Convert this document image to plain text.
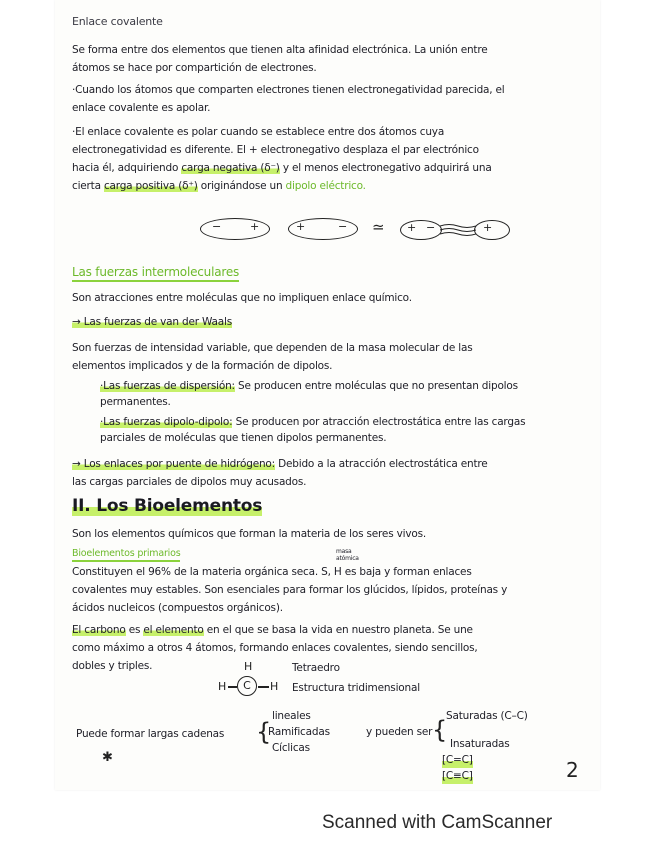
Enlace covalente
Se forma entre dos elementos que tienen alta afinidad electrónica. La unión entre
átomos se hace por compartición de electrones.
·Cuando los átomos que comparten electrones tienen electronegatividad parecida, el
enlace covalente es apolar.
·El enlace covalente es polar cuando se establece entre dos átomos cuya
electronegatividad es diferente. El + electronegativo desplaza el par electrónico
hacia él, adquiriendo carga negativa (δ⁻) y el menos electronegativo adquirirá una
cierta carga positiva (δ⁺) originándose un dipolo eléctrico.
−	+	+	− ≃ + −	+
Las fuerzas intermoleculares
Son atracciones entre moléculas que no impliquen enlace químico.
→ Las fuerzas de van der Waals
Son fuerzas de intensidad variable, que dependen de la masa molecular de las
elementos implicados y de la formación de dipolos.
·Las fuerzas de dispersión: Se producen entre moléculas que no presentan dipolos
permanentes.
·Las fuerzas dipolo-dipolo: Se producen por atracción electrostática entre las cargas
parciales de moléculas que tienen dipolos permanentes.
→ Los enlaces por puente de hidrógeno: Debido a la atracción electrostática entre
las cargas parciales de dipolos muy acusados.
II. Los Bioelementos
Son los elementos químicos que forman la materia de los seres vivos.
Bioelementos primarios	masa atómica
Constituyen el 96% de la materia orgánica seca. S, H es baja y forman enlaces
covalentes muy estables. Son esenciales para formar los glúcidos, lípidos, proteínas y
ácidos nucleicos (compuestos orgánicos).
El carbono es el elemento en el que se basa la vida en nuestro planeta. Se une
como máximo a otros 4 átomos, formando enlaces covalentes, siendo sencillos,
dobles y triples.	H
H	H
C
Tetraedro
Estructura tridimensional
Puede formar largas cadenas {
lineales
Ramificadas
Cíclicas
y pueden ser {
Saturadas (C–C)
Insaturadas
[C=C]
[C≡C]
✱
2
Scanned with CamScanner
